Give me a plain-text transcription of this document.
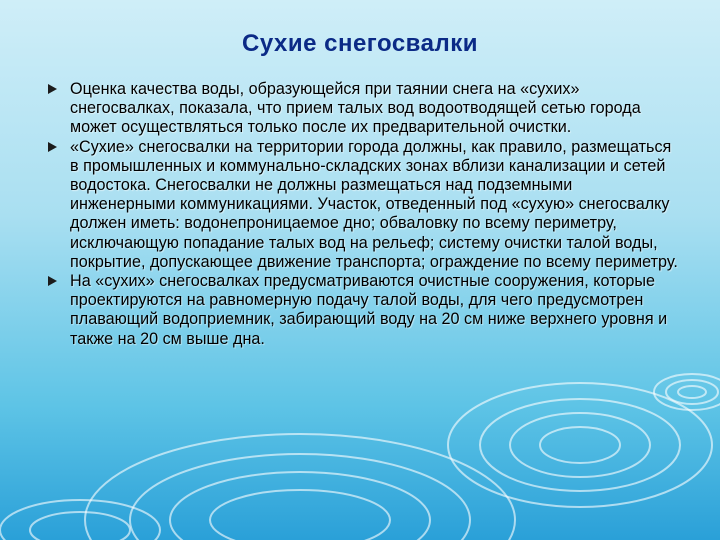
Сухие снегосвалки
Оценка качества воды, образующейся при таянии снега на «сухих» снегосвалках, показала, что прием талых вод водоотводящей сетью города может осуществляться только после их предварительной очистки.
«Сухие» снегосвалки на территории города должны, как правило, размещаться в промышленных и коммунально-складских зонах вблизи канализации и сетей водостока. Снегосвалки не должны размещаться над подземными инженерными коммуникациями. Участок, отведенный под «сухую» снегосвалку должен иметь: водонепроницаемое дно; обваловку по всему периметру, исключающую попадание талых вод на рельеф; систему очистки талой воды, покрытие, допускающее движение транспорта; ограждение по всему периметру.
На «сухих» снегосвалках предусматриваются очистные сооружения, которые проектируются на равномерную подачу талой воды, для чего предусмотрен плавающий водоприемник, забирающий воду на 20 см ниже верхнего уровня и также на 20 см выше дна.
